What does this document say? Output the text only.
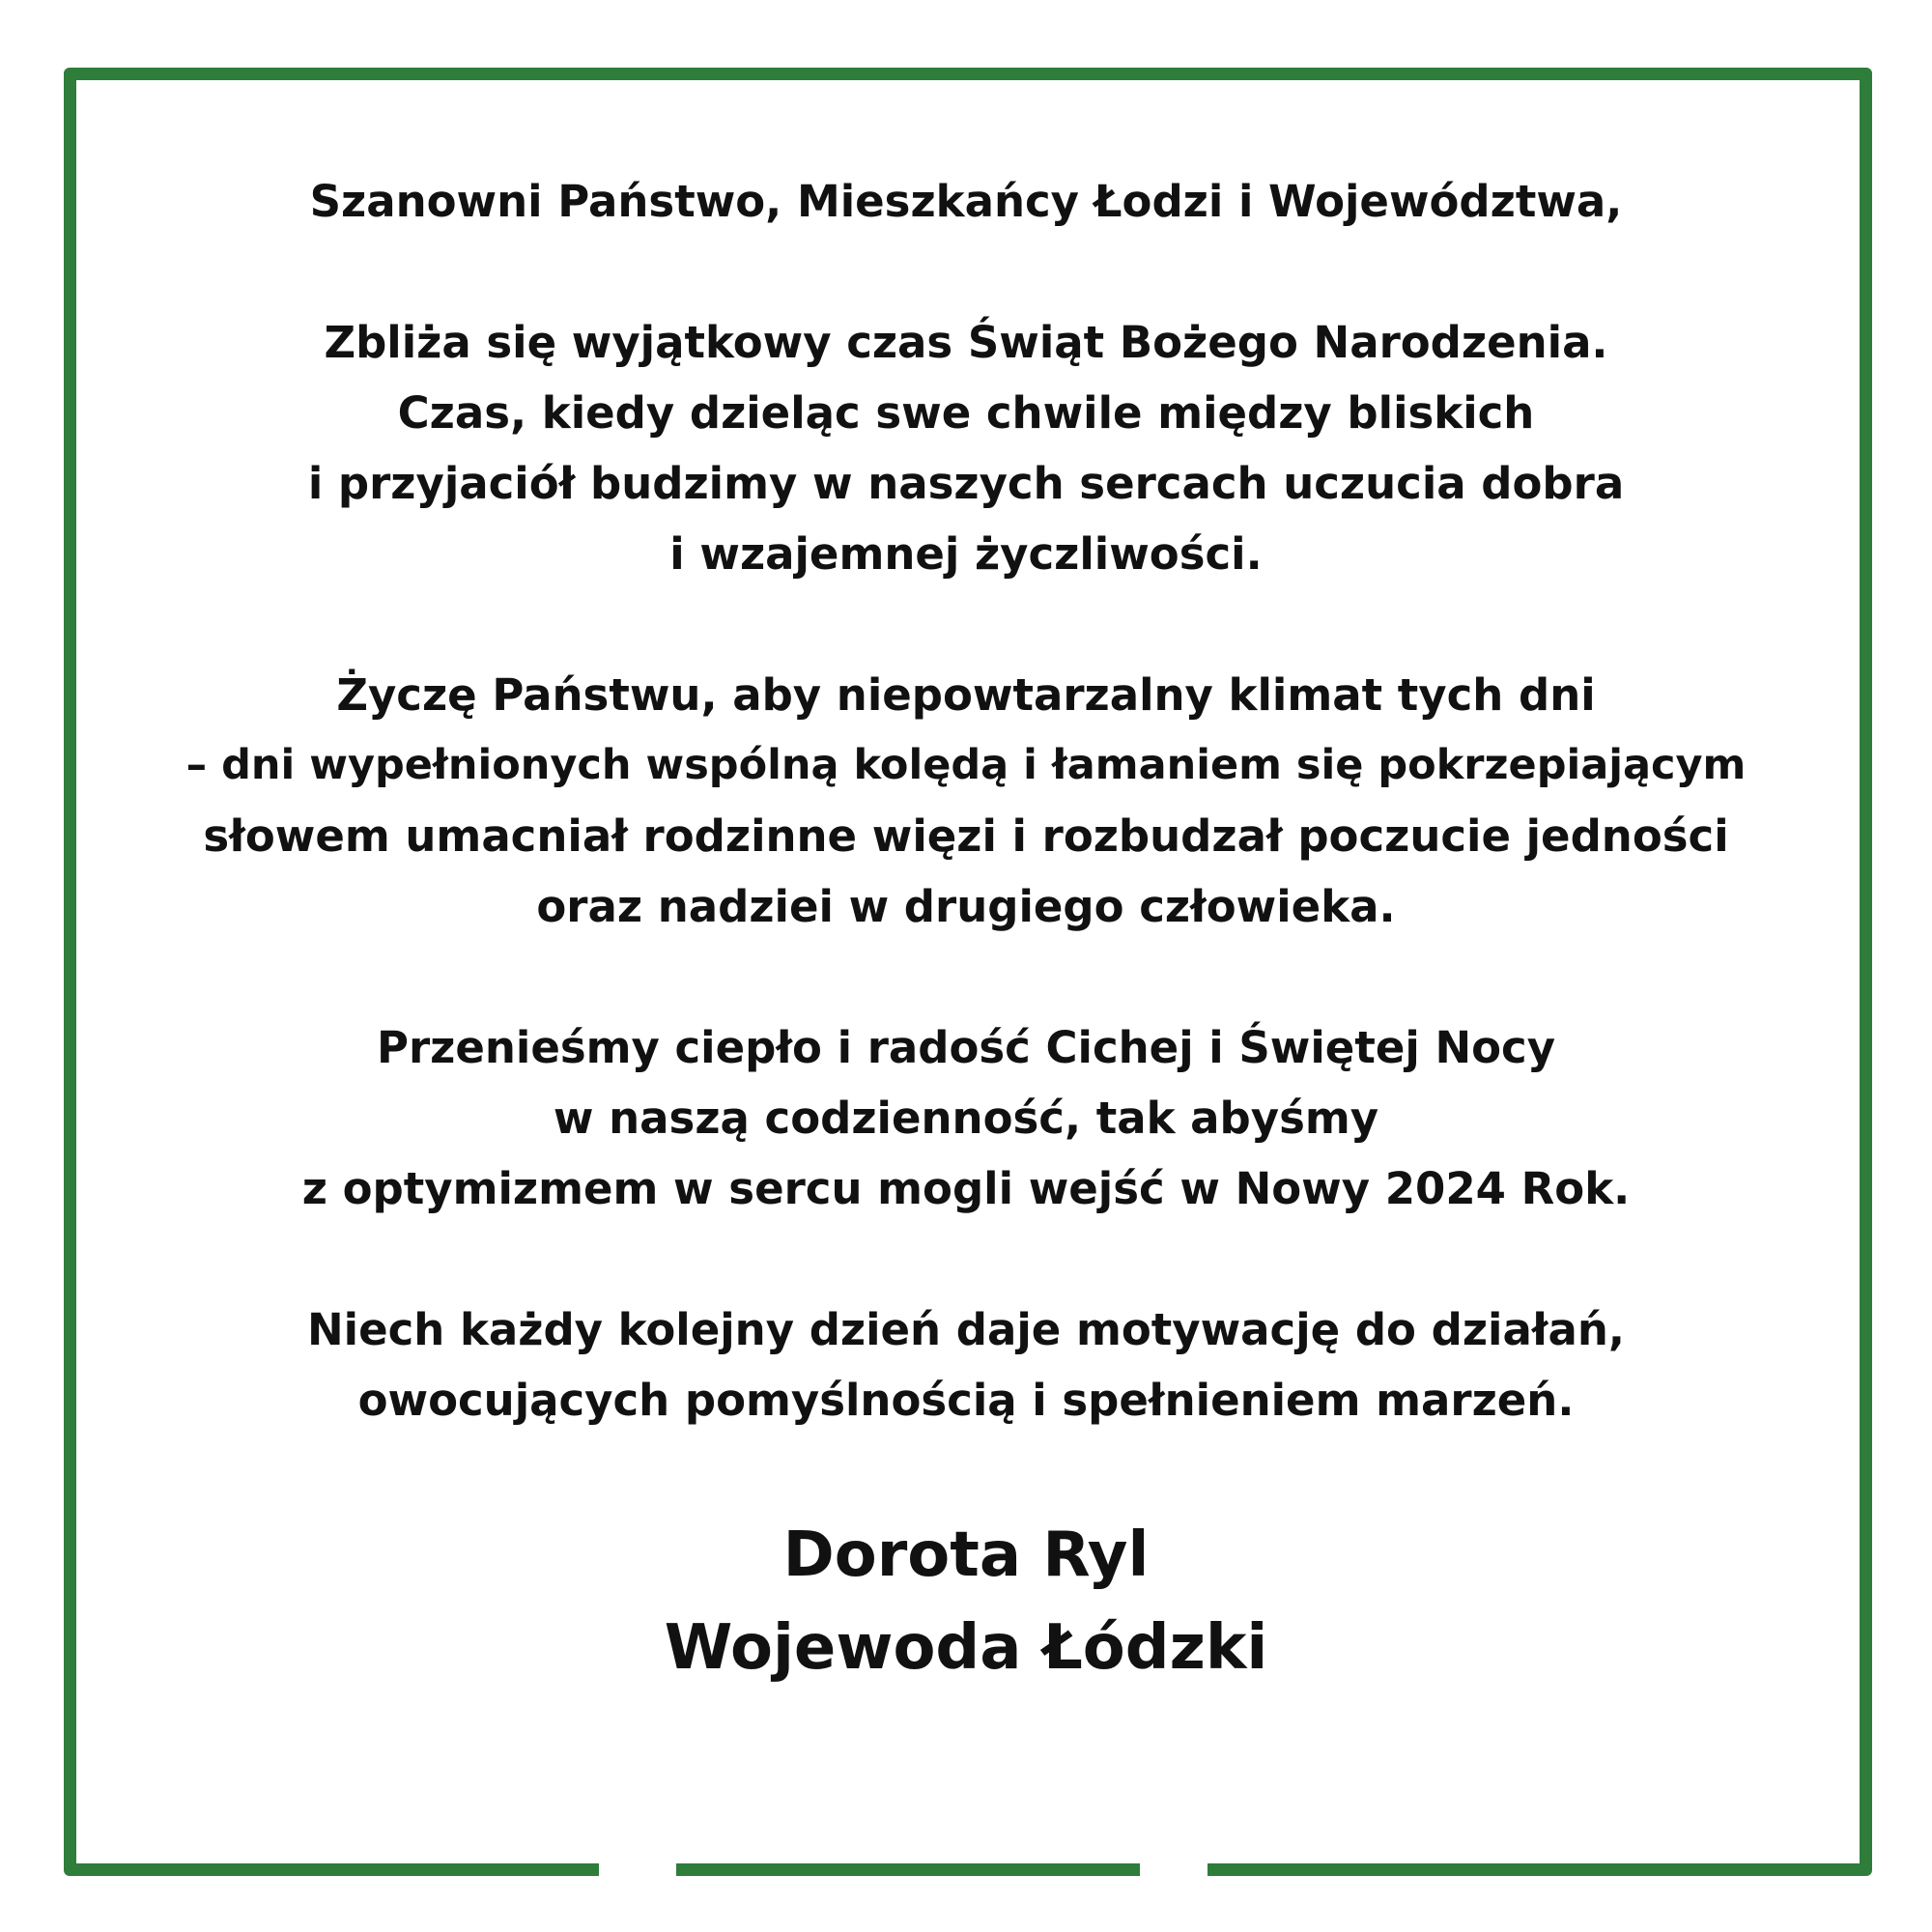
Szanowni Państwo, Mieszkańcy Łodzi i Województwa,

Zbliża się wyjątkowy czas Świąt Bożego Narodzenia.

Czas, kiedy dzieląc swe chwile między bliskich

i przyjaciół budzimy w naszych sercach uczucia dobra

i wzajemnej życzliwości.

Życzę Państwu, aby niepowtarzalny klimat tych dni

– dni wypełnionych wspólną kolędą i łamaniem się pokrzepiającym

słowem umacniał rodzinne więzi i rozbudzał poczucie jedności

oraz nadziei w drugiego człowieka.

Przenieśmy ciepło i radość Cichej i Świętej Nocy

w naszą codzienność, tak abyśmy

z optymizmem w sercu mogli wejść w Nowy 2024 Rok.

Niech każdy kolejny dzień daje motywację do działań,

owocujących pomyślnością i spełnieniem marzeń.

Dorota Ryl

Wojewoda Łódzki
